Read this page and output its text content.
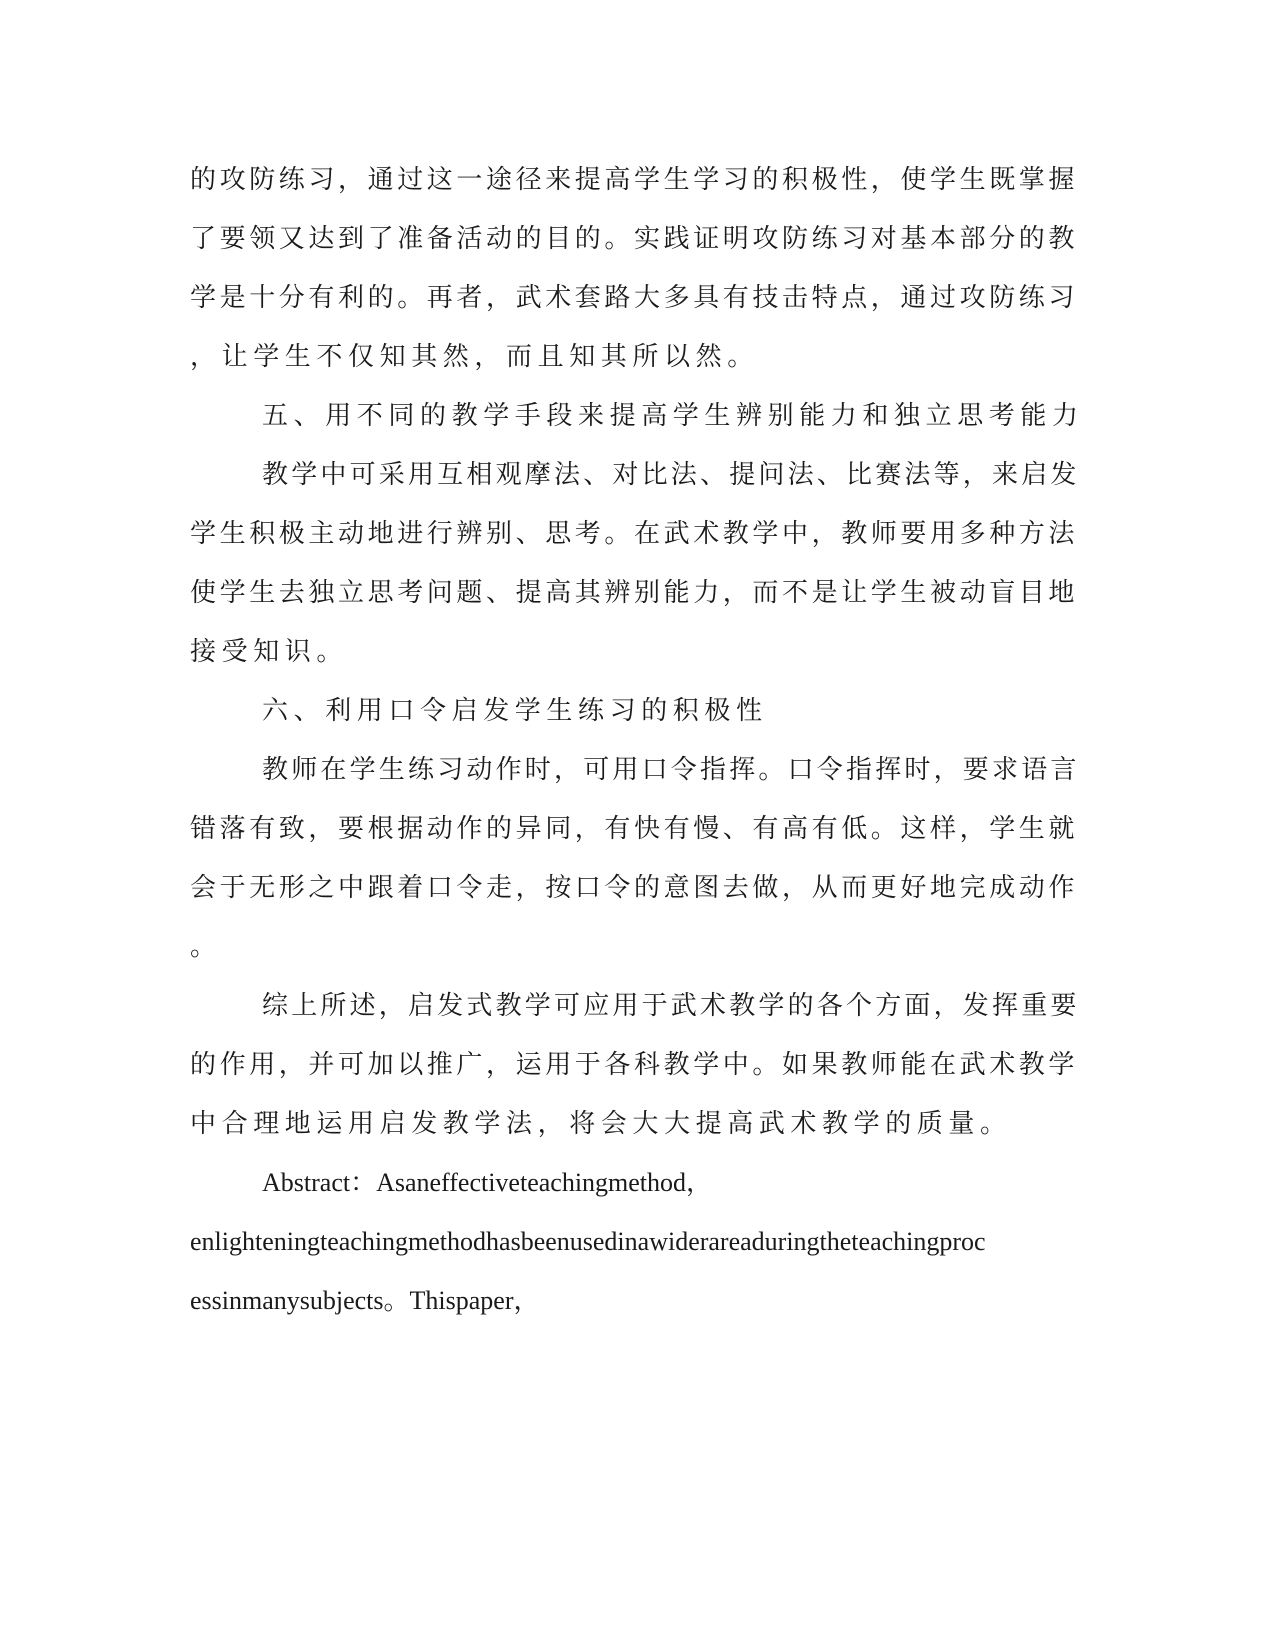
的攻防练习，通过这一途径来提高学生学习的积极性，使学生既掌握
了要领又达到了准备活动的目的。实践证明攻防练习对基本部分的教
学是十分有利的。再者，武术套路大多具有技击特点，通过攻防练习
，让学生不仅知其然，而且知其所以然。
五、用不同的教学手段来提高学生辨别能力和独立思考能力
教学中可采用互相观摩法、对比法、提问法、比赛法等，来启发
学生积极主动地进行辨别、思考。在武术教学中，教师要用多种方法
使学生去独立思考问题、提高其辨别能力，而不是让学生被动盲目地
接受知识。
六、利用口令启发学生练习的积极性
教师在学生练习动作时，可用口令指挥。口令指挥时，要求语言
错落有致，要根据动作的异同，有快有慢、有高有低。这样，学生就
会于无形之中跟着口令走，按口令的意图去做，从而更好地完成动作
。
综上所述，启发式教学可应用于武术教学的各个方面，发挥重要
的作用，并可加以推广，运用于各科教学中。如果教师能在武术教学
中合理地运用启发教学法，将会大大提高武术教学的质量。
Abstract：Asaneffectiveteachingmethod，
enlighteningteachingmethodhasbeenusedinawiderareaduringtheteachingproc
essinmanysubjects。Thispaper，
